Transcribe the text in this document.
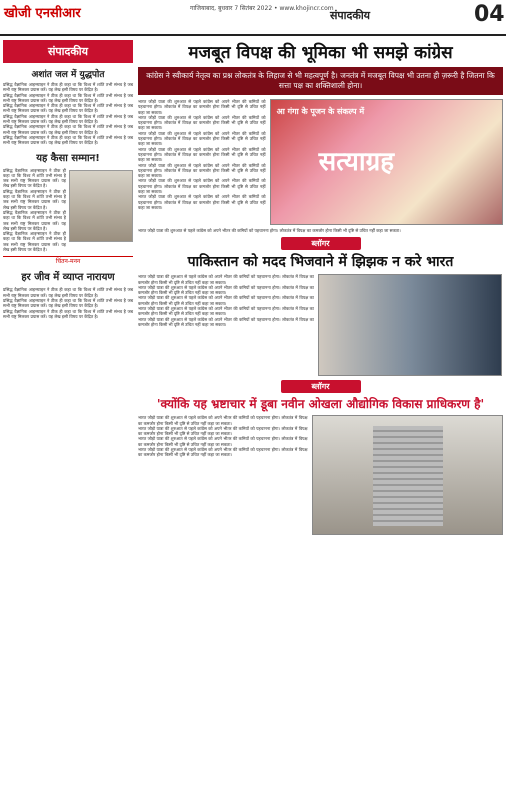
खोजी एनसीआर	गाजियाबाद, बुधवार 7 सितंबर 2022 • www.khojincr.com
संपादकीय	04
संपादकीय
अशांत जल में युद्धपोत
प्रसिद्ध वैज्ञानिक आइन्स्टाइन ने ठीक ही कहा था कि विश्व में शांति तभी संभव है जब सभी राष्ट्र मिलकर प्रयास करें। यह लेख इसी विषय पर केंद्रित है।
प्रसिद्ध वैज्ञानिक आइन्स्टाइन ने ठीक ही कहा था कि विश्व में शांति तभी संभव है जब सभी राष्ट्र मिलकर प्रयास करें। यह लेख इसी विषय पर केंद्रित है।
प्रसिद्ध वैज्ञानिक आइन्स्टाइन ने ठीक ही कहा था कि विश्व में शांति तभी संभव है जब सभी राष्ट्र मिलकर प्रयास करें। यह लेख इसी विषय पर केंद्रित है।
प्रसिद्ध वैज्ञानिक आइन्स्टाइन ने ठीक ही कहा था कि विश्व में शांति तभी संभव है जब सभी राष्ट्र मिलकर प्रयास करें। यह लेख इसी विषय पर केंद्रित है।
प्रसिद्ध वैज्ञानिक आइन्स्टाइन ने ठीक ही कहा था कि विश्व में शांति तभी संभव है जब सभी राष्ट्र मिलकर प्रयास करें। यह लेख इसी विषय पर केंद्रित है।
प्रसिद्ध वैज्ञानिक आइन्स्टाइन ने ठीक ही कहा था कि विश्व में शांति तभी संभव है जब सभी राष्ट्र मिलकर प्रयास करें। यह लेख इसी विषय पर केंद्रित है।
यह कैसा सम्मान!
प्रसिद्ध वैज्ञानिक आइन्स्टाइन ने ठीक ही कहा था कि विश्व में शांति तभी संभव है जब सभी राष्ट्र मिलकर प्रयास करें। यह लेख इसी विषय पर केंद्रित है।
प्रसिद्ध वैज्ञानिक आइन्स्टाइन ने ठीक ही कहा था कि विश्व में शांति तभी संभव है जब सभी राष्ट्र मिलकर प्रयास करें। यह लेख इसी विषय पर केंद्रित है।
प्रसिद्ध वैज्ञानिक आइन्स्टाइन ने ठीक ही कहा था कि विश्व में शांति तभी संभव है जब सभी राष्ट्र मिलकर प्रयास करें। यह लेख इसी विषय पर केंद्रित है।
प्रसिद्ध वैज्ञानिक आइन्स्टाइन ने ठीक ही कहा था कि विश्व में शांति तभी संभव है जब सभी राष्ट्र मिलकर प्रयास करें। यह लेख इसी विषय पर केंद्रित है।
चिंतन-मनन
हर जीव में व्याप्त नारायण
प्रसिद्ध वैज्ञानिक आइन्स्टाइन ने ठीक ही कहा था कि विश्व में शांति तभी संभव है जब सभी राष्ट्र मिलकर प्रयास करें। यह लेख इसी विषय पर केंद्रित है।
प्रसिद्ध वैज्ञानिक आइन्स्टाइन ने ठीक ही कहा था कि विश्व में शांति तभी संभव है जब सभी राष्ट्र मिलकर प्रयास करें। यह लेख इसी विषय पर केंद्रित है।
प्रसिद्ध वैज्ञानिक आइन्स्टाइन ने ठीक ही कहा था कि विश्व में शांति तभी संभव है जब सभी राष्ट्र मिलकर प्रयास करें। यह लेख इसी विषय पर केंद्रित है।
मजबूत विपक्ष की भूमिका भी समझे कांग्रेस
कांग्रेस ने स्वीकार्य नेतृत्व का प्रश्न लोकतंत्र के लिहाज से भी महत्वपूर्ण है। जनतंत्र में मजबूत विपक्ष भी उतना ही ज़रूरी है जितना कि सत्ता पक्ष का शक्तिशाली होना।
भारत जोड़ो यात्रा की शुरुआत से पहले कांग्रेस को अपने भीतर की कमियों को पहचानना होगा। लोकतंत्र में विपक्ष का कमजोर होना किसी भी दृष्टि से उचित नहीं कहा जा सकता।
भारत जोड़ो यात्रा की शुरुआत से पहले कांग्रेस को अपने भीतर की कमियों को पहचानना होगा। लोकतंत्र में विपक्ष का कमजोर होना किसी भी दृष्टि से उचित नहीं कहा जा सकता।
भारत जोड़ो यात्रा की शुरुआत से पहले कांग्रेस को अपने भीतर की कमियों को पहचानना होगा। लोकतंत्र में विपक्ष का कमजोर होना किसी भी दृष्टि से उचित नहीं कहा जा सकता।
भारत जोड़ो यात्रा की शुरुआत से पहले कांग्रेस को अपने भीतर की कमियों को पहचानना होगा। लोकतंत्र में विपक्ष का कमजोर होना किसी भी दृष्टि से उचित नहीं कहा जा सकता।
भारत जोड़ो यात्रा की शुरुआत से पहले कांग्रेस को अपने भीतर की कमियों को पहचानना होगा। लोकतंत्र में विपक्ष का कमजोर होना किसी भी दृष्टि से उचित नहीं कहा जा सकता।
भारत जोड़ो यात्रा की शुरुआत से पहले कांग्रेस को अपने भीतर की कमियों को पहचानना होगा। लोकतंत्र में विपक्ष का कमजोर होना किसी भी दृष्टि से उचित नहीं कहा जा सकता।
भारत जोड़ो यात्रा की शुरुआत से पहले कांग्रेस को अपने भीतर की कमियों को पहचानना होगा। लोकतंत्र में विपक्ष का कमजोर होना किसी भी दृष्टि से उचित नहीं कहा जा सकता।
आ गंगा के पूजन के संकल्प में
सत्याग्रह
भारत जोड़ो यात्रा की शुरुआत से पहले कांग्रेस को अपने भीतर की कमियों को पहचानना होगा। लोकतंत्र में विपक्ष का कमजोर होना किसी भी दृष्टि से उचित नहीं कहा जा सकता।
ब्लॉगर
पाकिस्तान को मदद भिजवाने में झिझक न करे भारत
भारत जोड़ो यात्रा की शुरुआत से पहले कांग्रेस को अपने भीतर की कमियों को पहचानना होगा। लोकतंत्र में विपक्ष का कमजोर होना किसी भी दृष्टि से उचित नहीं कहा जा सकता।
भारत जोड़ो यात्रा की शुरुआत से पहले कांग्रेस को अपने भीतर की कमियों को पहचानना होगा। लोकतंत्र में विपक्ष का कमजोर होना किसी भी दृष्टि से उचित नहीं कहा जा सकता।
भारत जोड़ो यात्रा की शुरुआत से पहले कांग्रेस को अपने भीतर की कमियों को पहचानना होगा। लोकतंत्र में विपक्ष का कमजोर होना किसी भी दृष्टि से उचित नहीं कहा जा सकता।
भारत जोड़ो यात्रा की शुरुआत से पहले कांग्रेस को अपने भीतर की कमियों को पहचानना होगा। लोकतंत्र में विपक्ष का कमजोर होना किसी भी दृष्टि से उचित नहीं कहा जा सकता।
भारत जोड़ो यात्रा की शुरुआत से पहले कांग्रेस को अपने भीतर की कमियों को पहचानना होगा। लोकतंत्र में विपक्ष का कमजोर होना किसी भी दृष्टि से उचित नहीं कहा जा सकता।
ब्लॉगर
'क्योंकि यह भ्रष्टाचार में डूबा नवीन ओखला औद्योगिक विकास प्राधिकरण है'
भारत जोड़ो यात्रा की शुरुआत से पहले कांग्रेस को अपने भीतर की कमियों को पहचानना होगा। लोकतंत्र में विपक्ष का कमजोर होना किसी भी दृष्टि से उचित नहीं कहा जा सकता।
भारत जोड़ो यात्रा की शुरुआत से पहले कांग्रेस को अपने भीतर की कमियों को पहचानना होगा। लोकतंत्र में विपक्ष का कमजोर होना किसी भी दृष्टि से उचित नहीं कहा जा सकता।
भारत जोड़ो यात्रा की शुरुआत से पहले कांग्रेस को अपने भीतर की कमियों को पहचानना होगा। लोकतंत्र में विपक्ष का कमजोर होना किसी भी दृष्टि से उचित नहीं कहा जा सकता।
भारत जोड़ो यात्रा की शुरुआत से पहले कांग्रेस को अपने भीतर की कमियों को पहचानना होगा। लोकतंत्र में विपक्ष का कमजोर होना किसी भी दृष्टि से उचित नहीं कहा जा सकता।
